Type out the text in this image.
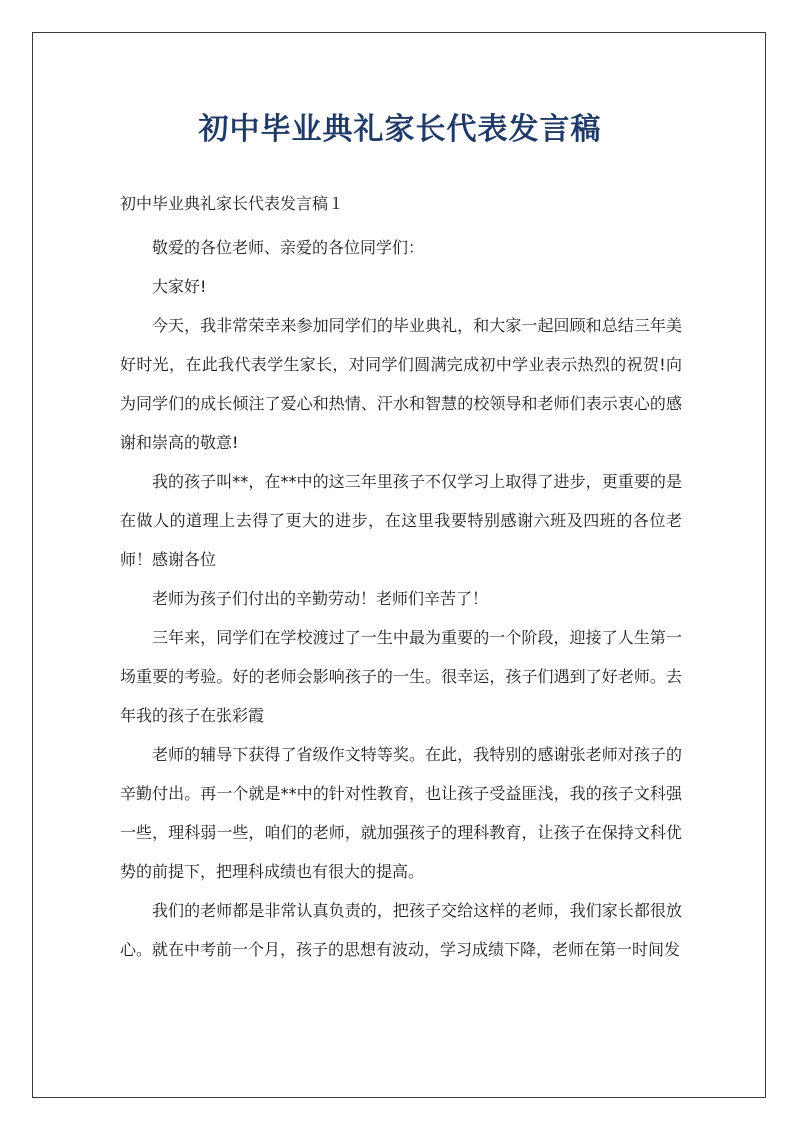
初中毕业典礼家长代表发言稿
初中毕业典礼家长代表发言稿１

敬爱的各位老师、亲爱的各位同学们：

大家好!

今天，我非常荣幸来参加同学们的毕业典礼，和大家一起回顾和总结三年美好时光，在此我代表学生家长，对同学们圆满完成初中学业表示热烈的祝贺!向为同学们的成长倾注了爱心和热情、汗水和智慧的校领导和老师们表示衷心的感谢和崇高的敬意!

我的孩子叫**，在**中的这三年里孩子不仅学习上取得了进步，更重要的是在做人的道理上去得了更大的进步，在这里我要特别感谢六班及四班的各位老师！感谢各位

老师为孩子们付出的辛勤劳动！老师们辛苦了！

三年来，同学们在学校渡过了一生中最为重要的一个阶段，迎接了人生第一场重要的考验。好的老师会影响孩子的一生。很幸运，孩子们遇到了好老师。去年我的孩子在张彩霞

老师的辅导下获得了省级作文特等奖。在此，我特别的感谢张老师对孩子的辛勤付出。再一个就是**中的针对性教育，也让孩子受益匪浅，我的孩子文科强一些，理科弱一些，咱们的老师，就加强孩子的理科教育，让孩子在保持文科优势的前提下，把理科成绩也有很大的提高。

我们的老师都是非常认真负责的，把孩子交给这样的老师，我们家长都很放心。就在中考前一个月，孩子的思想有波动，学习成绩下降，老师在第一时间发
